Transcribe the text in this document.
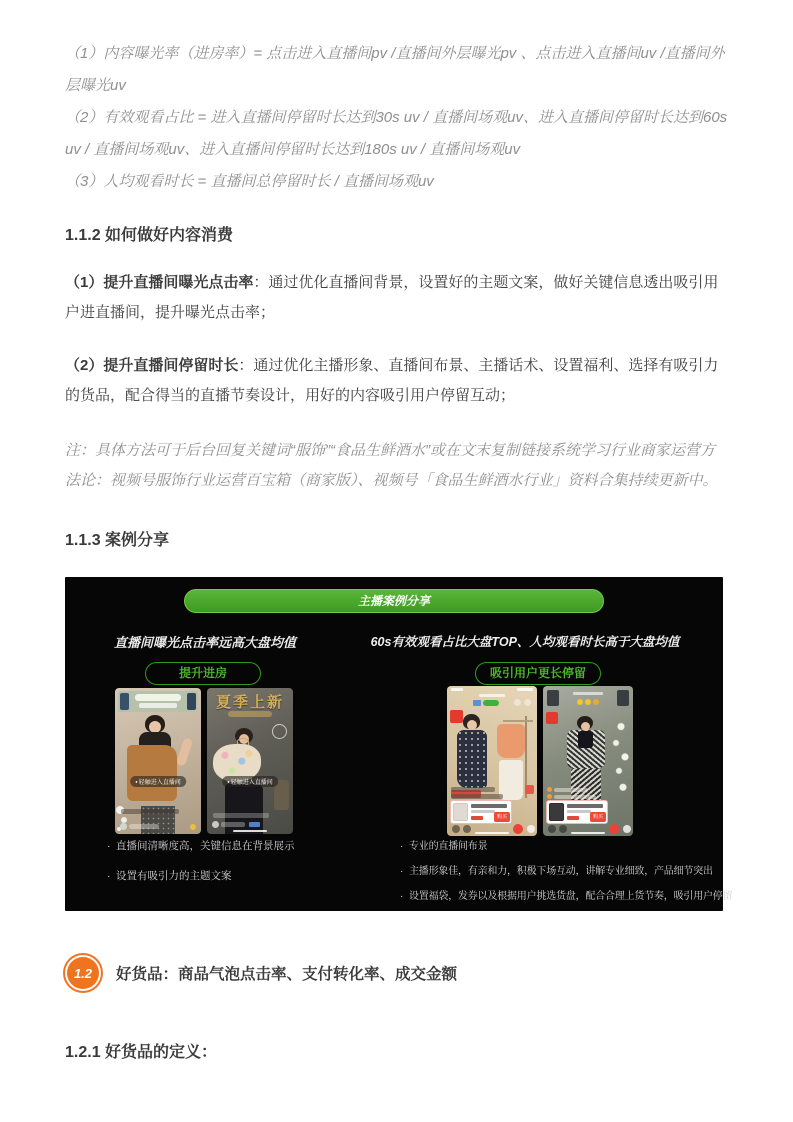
（1）内容曝光率（进房率）= 点击进入直播间pv /直播间外层曝光pv 、点击进入直播间uv /直播间外层曝光uv

（2）有效观看占比 = 进入直播间停留时长达到30s uv / 直播间场观uv、进入直播间停留时长达到60s uv / 直播间场观uv、进入直播间停留时长达到180s uv / 直播间场观uv

（3）人均观看时长 = 直播间总停留时长 / 直播间场观uv

1.1.2 如何做好内容消费

（1）提升直播间曝光点击率：通过优化直播间背景，设置好的主题文案，做好关键信息透出吸引用户进直播间，提升曝光点击率；

（2）提升直播间停留时长：通过优化主播形象、直播间布景、主播话术、设置福利、选择有吸引力的货品，配合得当的直播节奏设计，用好的内容吸引用户停留互动；

注：具体方法可于后台回复关键词“服饰”“食品生鲜酒水”或在文末复制链接系统学习行业商家运营方法论：视频号服饰行业运营百宝箱（商家版）、视频号「食品生鲜酒水行业」资料合集持续更新中。

1.1.3 案例分享
主播案例分享
直播间曝光点击率远高大盘均值	60s有效观看占比大盘TOP、人均观看时长高于大盘均值
提升进房	吸引用户更长停留
● 轻触进入直播间
夏季上新
● 轻触进入直播间
购买	购买
· 直播间清晰度高，关键信息在背景展示
· 设置有吸引力的主题文案
· 专业的直播间布景
· 主播形象佳，有亲和力，积极下场互动，讲解专业细致，产品细节突出
· 设置福袋，发券以及根据用户挑选货盘，配合合理上货节奏，吸引用户停留
1.2	好货品：商品气泡点击率、支付转化率、成交金额
1.2.1 好货品的定义：
